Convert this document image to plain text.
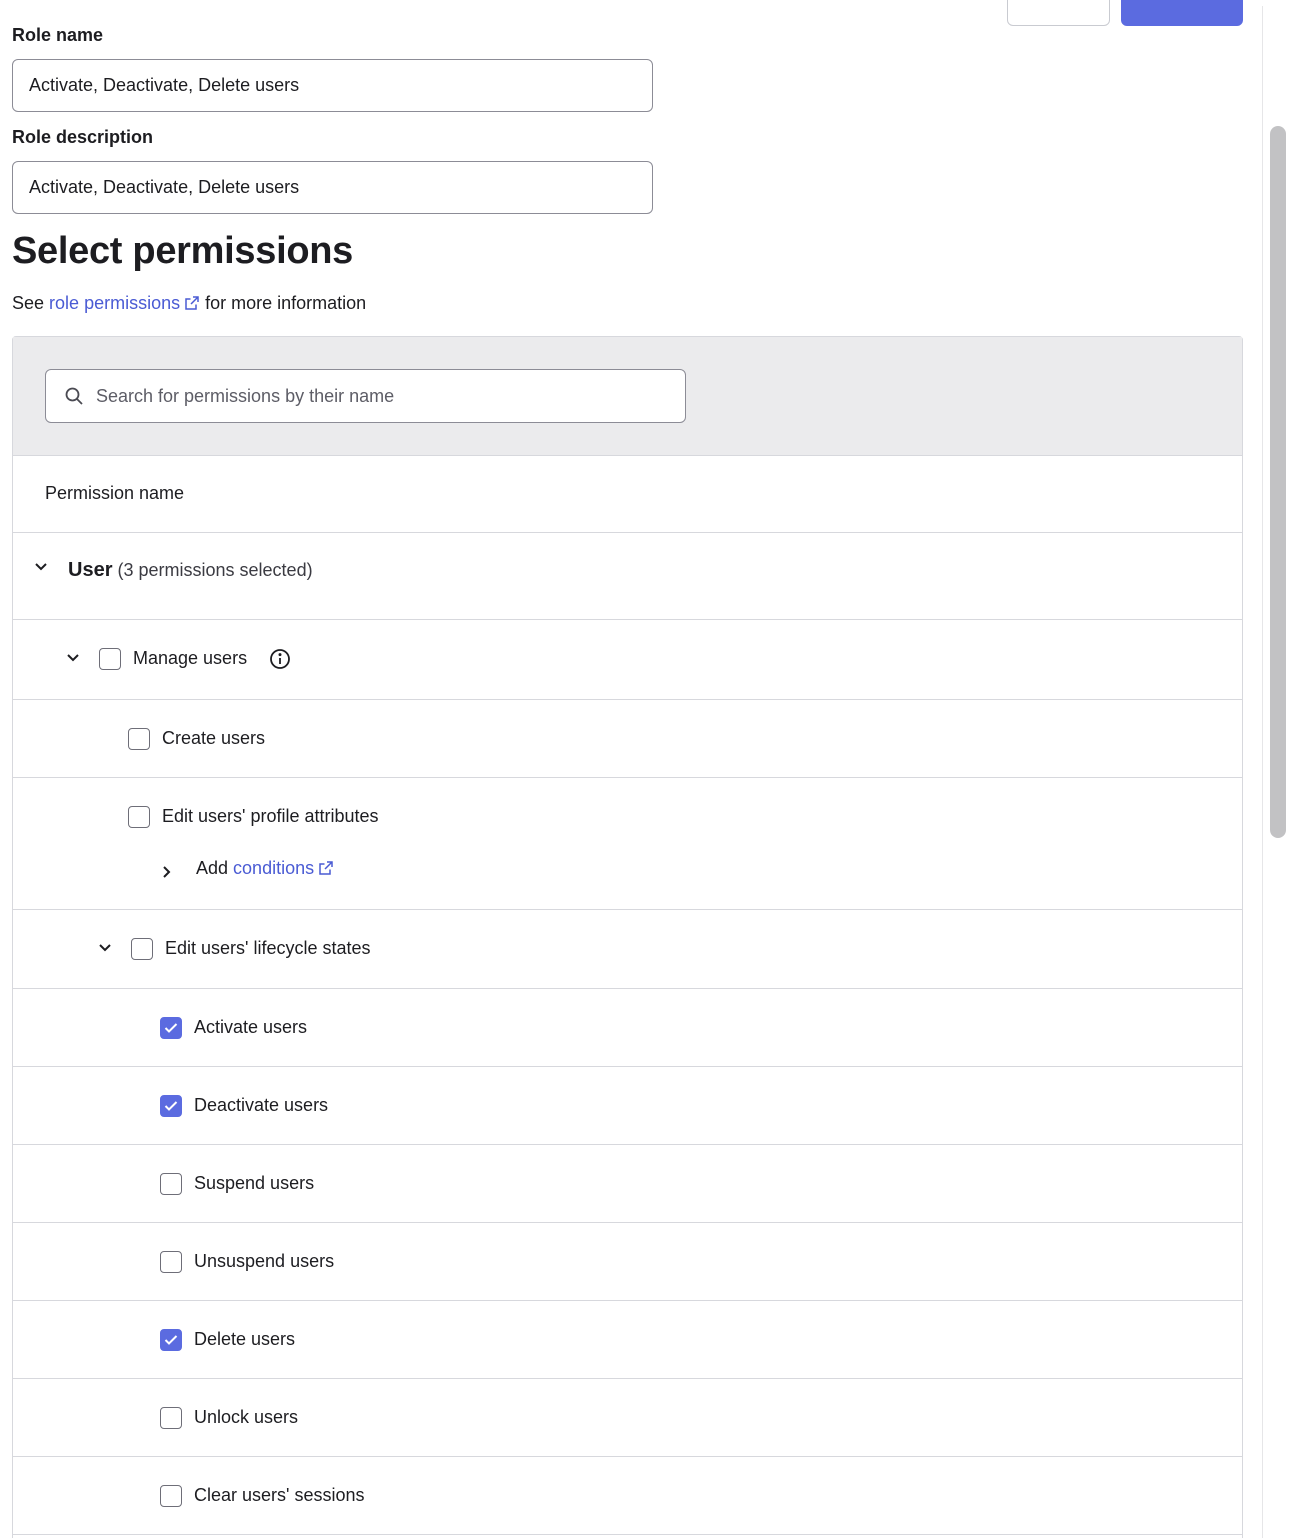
Role name
Activate, Deactivate, Delete users
Role description
Activate, Deactivate, Delete users
Select permissions
See role permissions for more information
Search for permissions by their name
Permission name
User (3 permissions selected)
Manage users
Create users
Edit users' profile attributes
Add conditions
Edit users' lifecycle states
Activate users
Deactivate users
Suspend users
Unsuspend users
Delete users
Unlock users
Clear users' sessions
